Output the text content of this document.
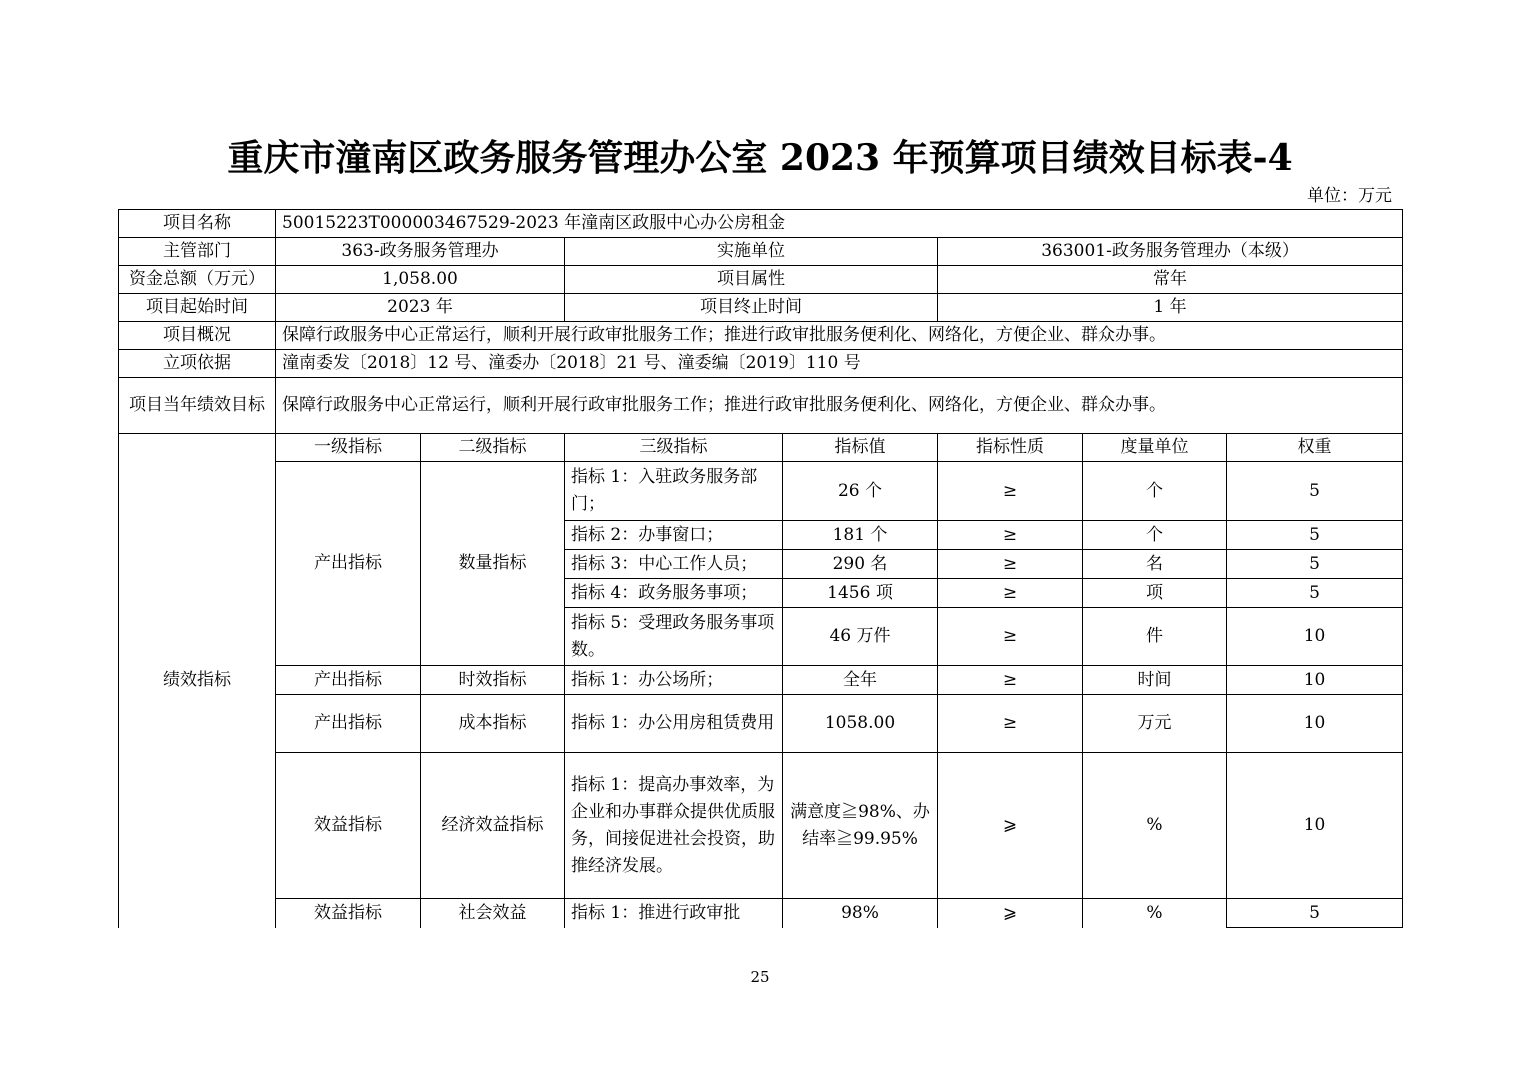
重庆市潼南区政务服务管理办公室 2023 年预算项目绩效目标表-4
单位：万元
项目名称	50015223T000003467529-2023 年潼南区政服中心办公房租金						
主管部门	363-政务服务管理办		实施单位		363001-政务服务管理办（本级）		
资金总额（万元）	1,058.00		项目属性		常年		
项目起始时间	2023 年		项目终止时间		1 年		
项目概况	保障行政服务中心正常运行，顺利开展行政审批服务工作；推进行政审批服务便利化、网络化，方便企业、群众办事。						
立项依据	潼南委发〔2018〕12 号、潼委办〔2018〕21 号、潼委编〔2019〕110 号						
项目当年绩效目标	保障行政服务中心正常运行，顺利开展行政审批服务工作；推进行政审批服务便利化、网络化，方便企业、群众办事。						
绩效指标	一级指标	二级指标	三级指标	指标值	指标性质	度量单位	权重
	产出指标	数量指标	指标 1：入驻政务服务部门；	26 个	≥	个	5
			指标 2：办事窗口；	181 个	≥	个	5
			指标 3：中心工作人员；	290 名	≥	名	5
			指标 4：政务服务事项；	1456 项	≥	项	5
			指标 5：受理政务服务事项数。	46 万件	≥	件	10
	产出指标	时效指标	指标 1：办公场所；	全年	≥	时间	10
	产出指标	成本指标	指标 1：办公用房租赁费用	1058.00	≥	万元	10
	效益指标	经济效益指标	指标 1：提高办事效率，为企业和办事群众提供优质服务，间接促进社会投资，助推经济发展。	满意度≧98%、办结率≧99.95%	⩾	%	10
	效益指标	社会效益	指标 1：推进行政审批	98%	⩾	%	5
25
